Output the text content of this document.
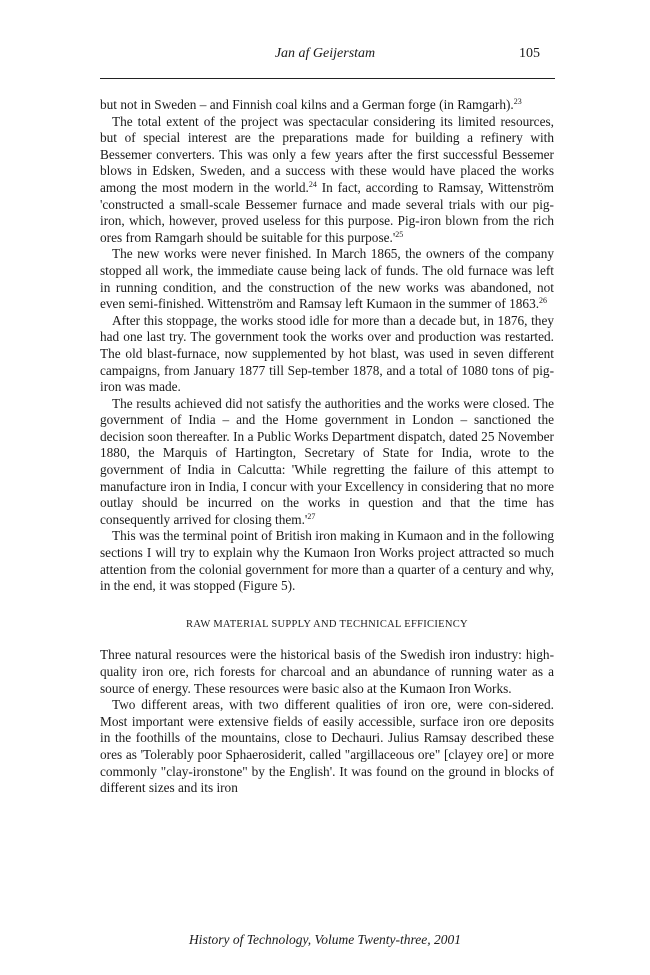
Jan af Geijerstam	105

but not in Sweden – and Finnish coal kilns and a German forge (in Ramgarh).$^{23}$

The total extent of the project was spectacular considering its limited resources, but of special interest are the preparations made for building a refinery with Bessemer converters. This was only a few years after the first successful Bessemer blows in Edsken, Sweden, and a success with these would have placed the works among the most modern in the world.$^{24}$ In fact, according to Ramsay, Wittenström 'constructed a small-scale Bessemer furnace and made several trials with our pig-iron, which, however, proved useless for this purpose. Pig-iron blown from the rich ores from Ramgarh should be suitable for this $purpose.'^{25}$

The new works were never finished. In March 1865, the owners of the company stopped all work, the immediate cause being lack of funds. The old furnace was left in running condition, and the construction of the new works was abandoned, not even semi-finished. Wittenström and Ramsay left Kumaon in the summer of 1863.26

After this stoppage, the works stood idle for more than a decade but, in 1876, they had one last try. The government took the works over and production was restarted. The old blast-furnace, now supplemented by hot blast, was used in seven different campaigns, from January 1877 till Sep-tember 1878, and a total of 1080 tons of pig-iron was made.

The results achieved did not satisfy the authorities and the works were closed. The government of India – and the Home government in London – sanctioned the decision soon thereafter. In a Public Works Department dispatch, dated 25 November 1880, the Marquis of Hartington, Secretary of State for India, wrote to the government of India in Calcutta: 'While regretting the failure of this attempt to manufacture iron in India, I concur with your Excellency in considering that no more outlay should be incurred on the works in question and that the time has consequently arrived for closing $them.'^{27}$

This was the terminal point of British iron making in Kumaon and in the following sections I will try to explain why the Kumaon Iron Works project attracted so much attention from the colonial government for more than a quarter of a century and why, in the end, it was stopped (Figure 5).

RAW MATERIAL SUPPLY AND TECHNICAL EFFICIENCY

Three natural resources were the historical basis of the Swedish iron industry: high-quality iron ore, rich forests for charcoal and an abundance of running water as a source of energy. These resources were basic also at the Kumaon Iron Works.

Two different areas, with two different qualities of iron ore, were con-sidered. Most important were extensive fields of easily accessible, surface iron ore deposits in the foothills of the mountains, close to Dechauri. Julius Ramsay described these ores as 'Tolerably poor Sphaerosiderit, called "argillaceous ore" [clayey ore] or more commonly "clay-ironstone" by the English'. It was found on the ground in blocks of different sizes and its iron

History of Technology, Volume Twenty-three, 2001
